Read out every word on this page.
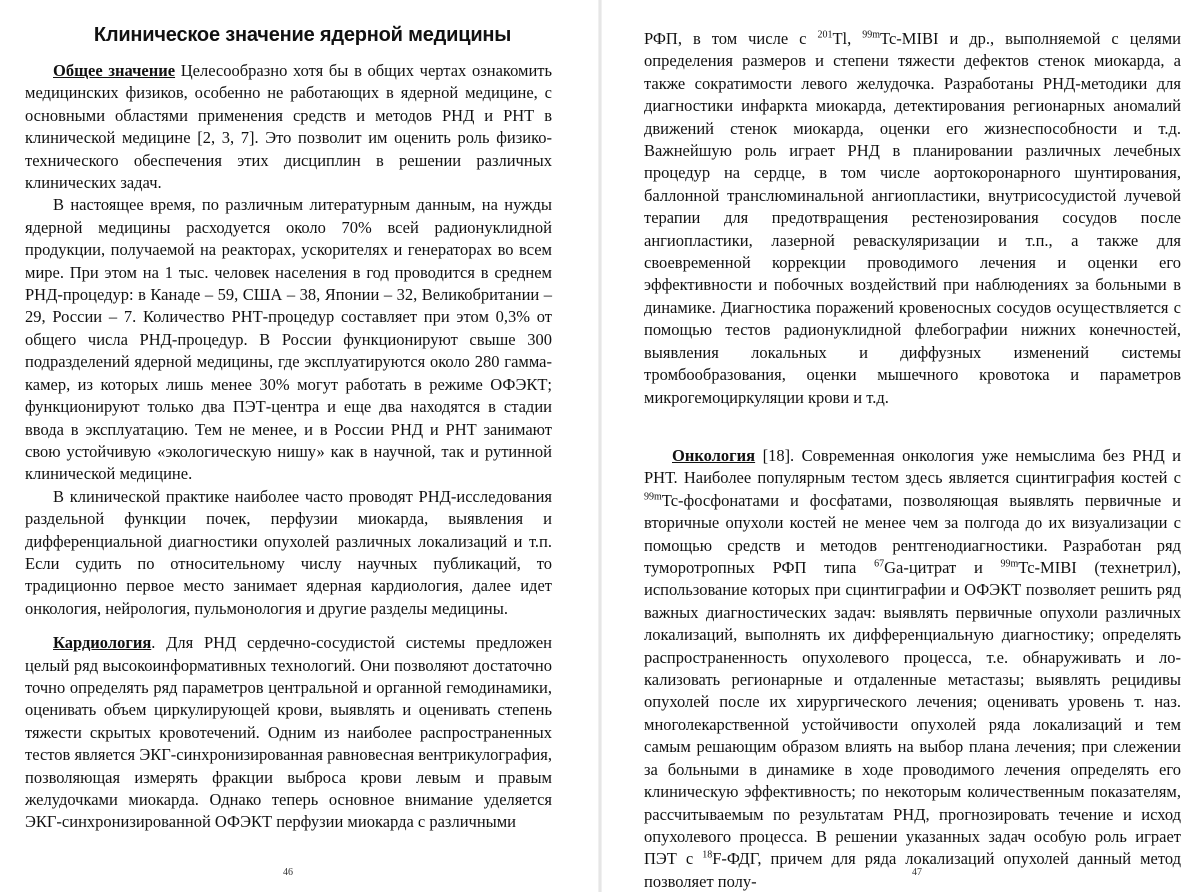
Клиническое значение ядерной медицины

Общее значение Целесообразно хотя бы в общих чертах ознакомить медицинских физиков, особенно не работающих в ядерной медицине, с основными областями применения средств и методов РНД и РНТ в клинической медицине [2, 3, 7]. Это позволит им оценить роль физико-технического обеспечения этих дисциплин в решении различных клинических задач.

В настоящее время, по различным литературным данным, на нужды ядерной медицины расходуется около 70% всей радионуклидной продукции, получаемой на реакторах, ускорителях и генераторах во всем мире. При этом на 1 тыс. человек населения в год проводится в среднем РНД-процедур: в Канаде – 59, США – 38, Японии – 32, Великобритании – 29, России – 7. Количество РНТ-процедур составляет при этом 0,3% от общего числа РНД-процедур. В России функционируют свыше 300 подразделений ядерной медицины, где эксплуатируются около 280 гамма-камер, из которых лишь менее 30% могут работать в режиме ОФЭКТ; функционируют только два ПЭТ-центра и еще два находятся в стадии ввода в эксплуатацию. Тем не менее, и в России РНД и РНТ занимают свою устойчивую «экологическую нишу» как в научной, так и рутинной клинической медицине.

В клинической практике наиболее часто проводят РНД-исследования раздельной функции почек, перфузии миокарда, выявления и дифференциальной диагностики опухолей различных локализаций и т.п. Если судить по относительному числу научных публикаций, то традиционно первое место занимает ядерная кардиология, далее идет онкология, нейрология, пульмонология и другие разделы медицины.

Кардиология. Для РНД сердечно-сосудистой системы предложен целый ряд высокоинформативных технологий. Они позволяют достаточно точно определять ряд параметров центральной и органной гемодинамики, оценивать объем циркулирующей крови, выявлять и оценивать степень тяжести скрытых кровотечений. Одним из наиболее распространенных тестов является ЭКГ-синхронизированная равновесная вентрикулография, позволяющая измерять фракции выброса крови левым и правым желудочками миокарда. Однако теперь основное внимание уделяется ЭКГ-синхронизированной ОФЭКТ перфузии миокарда с различными

46

РФП, в том числе с $^{201}$Tl, $^{99m}$Tc-MIBI и др., выполняемой с целями определения размеров и степени тяжести дефектов стенок миокарда, а также сократимости левого желудочка. Разработаны РНД-методики для диагностики инфаркта миокарда, детектирования регионарных аномалий движений стенок миокарда, оценки его жизнеспособности и т.д. Важнейшую роль играет РНД в планировании различных лечебных процедур на сердце, в том числе аортокоронарного шунтирования, баллонной транслюминальной ангиопластики, внутрисосудистой лучевой терапии для предотвращения рестенозирования сосудов после ангиопластики, лазерной реваскуляризации и т.п., а также для своевременной коррекции проводимого лечения и оценки его эффективности и побочных воздействий при наблюдениях за больными в динамике. Диагностика поражений кровеносных сосудов осуществляется с помощью тестов радионуклидной флебографии нижних конечностей, выявления локальных и диффузных изменений системы тромбообразования, оценки мышечного кровотока и параметров микрогемоциркуляции крови и т.д.

Онкология [18]. Современная онкология уже немыслима без РНД и РНТ. Наиболее популярным тестом здесь является сцинтиграфия костей с $^{99m}$Tc-фосфонатами и фосфатами, позволяющая выявлять первичные и вторичные опухоли костей не менее чем за полгода до их визуализации с помощью средств и методов рентгенодиагностики. Разработан ряд туморотропных РФП типа $^{67}$Ga-цитрат и $^{99m}$Tc-MIBI (технетрил), использование которых при сцинтиграфии и ОФЭКТ позволяет решить ряд важных диагностических задач: выявлять первичные опухоли различных локализаций, выполнять их дифференциальную диагностику; определять распространенность опухолевого процесса, т.е. обнаруживать и локализовать регионарные и отдаленные метастазы; выявлять рецидивы опухолей после их хирургического лечения; оценивать уровень т. наз. многолекарственной устойчивости опухолей ряда локализаций и тем самым решающим образом влиять на выбор плана лечения; при слежении за больными в динамике в ходе проводимого лечения определять его клиническую эффективность; по некоторым количественным показателям, рассчитываемым по результатам РНД, прогнозировать течение и исход опухолевого процесса. В решении указанных задач особую роль играет ПЭТ с $^{18}$F-ФДГ, причем для ряда локализаций опухолей данный метод позволяет полу-	47
